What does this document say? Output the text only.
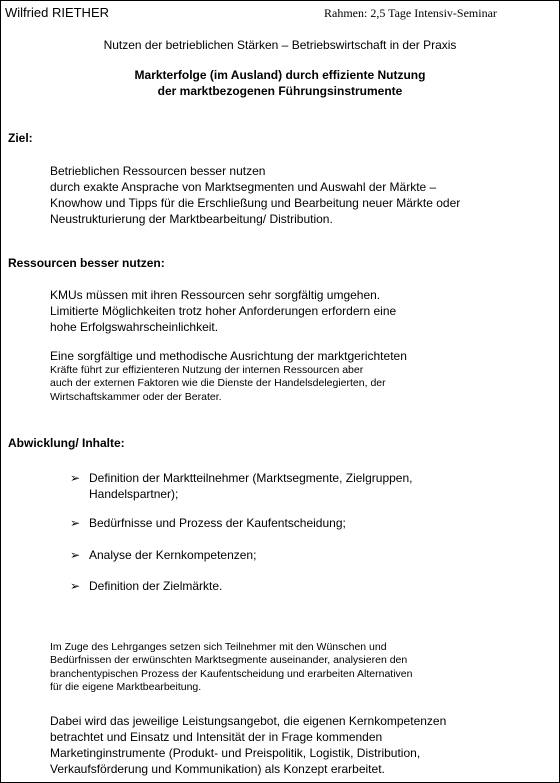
Wilfried RIETHER	Rahmen: 2,5 Tage Intensiv-Seminar
Nutzen der betrieblichen Stärken – Betriebswirtschaft in der Praxis
Markterfolge (im Ausland) durch effiziente Nutzung
der marktbezogenen Führungsinstrumente
Ziel:
Betrieblichen Ressourcen besser nutzen
durch exakte Ansprache von Marktsegmenten und Auswahl der Märkte –
Knowhow und Tipps für die Erschließung und Bearbeitung neuer Märkte oder
Neustrukturierung der Marktbearbeitung/ Distribution.
Ressourcen besser nutzen:
KMUs müssen mit ihren Ressourcen sehr sorgfältig umgehen.
Limitierte Möglichkeiten trotz hoher Anforderungen erfordern eine
hohe Erfolgswahrscheinlichkeit.
Eine sorgfältige und methodische Ausrichtung der marktgerichteten
Kräfte führt zur effizienteren Nutzung der internen Ressourcen aber
auch der externen Faktoren wie die Dienste der Handelsdelegierten, der
Wirtschaftskammer oder der Berater.
Abwicklung/ Inhalte:
➢ Definition der Marktteilnehmer (Marktsegmente, Zielgruppen,
Handelspartner);
➢ Bedürfnisse und Prozess der Kaufentscheidung;
➢ Analyse der Kernkompetenzen;
➢ Definition der Zielmärkte.
Im Zuge des Lehrganges setzen sich Teilnehmer mit den Wünschen und
Bedürfnissen der erwünschten Marktsegmente auseinander, analysieren den
branchentypischen Prozess der Kaufentscheidung und erarbeiten Alternativen
für die eigene Marktbearbeitung.
Dabei wird das jeweilige Leistungsangebot, die eigenen Kernkompetenzen
betrachtet und Einsatz und Intensität der in Frage kommenden
Marketinginstrumente (Produkt- und Preispolitik, Logistik, Distribution,
Verkaufsförderung und Kommunikation) als Konzept erarbeitet.
